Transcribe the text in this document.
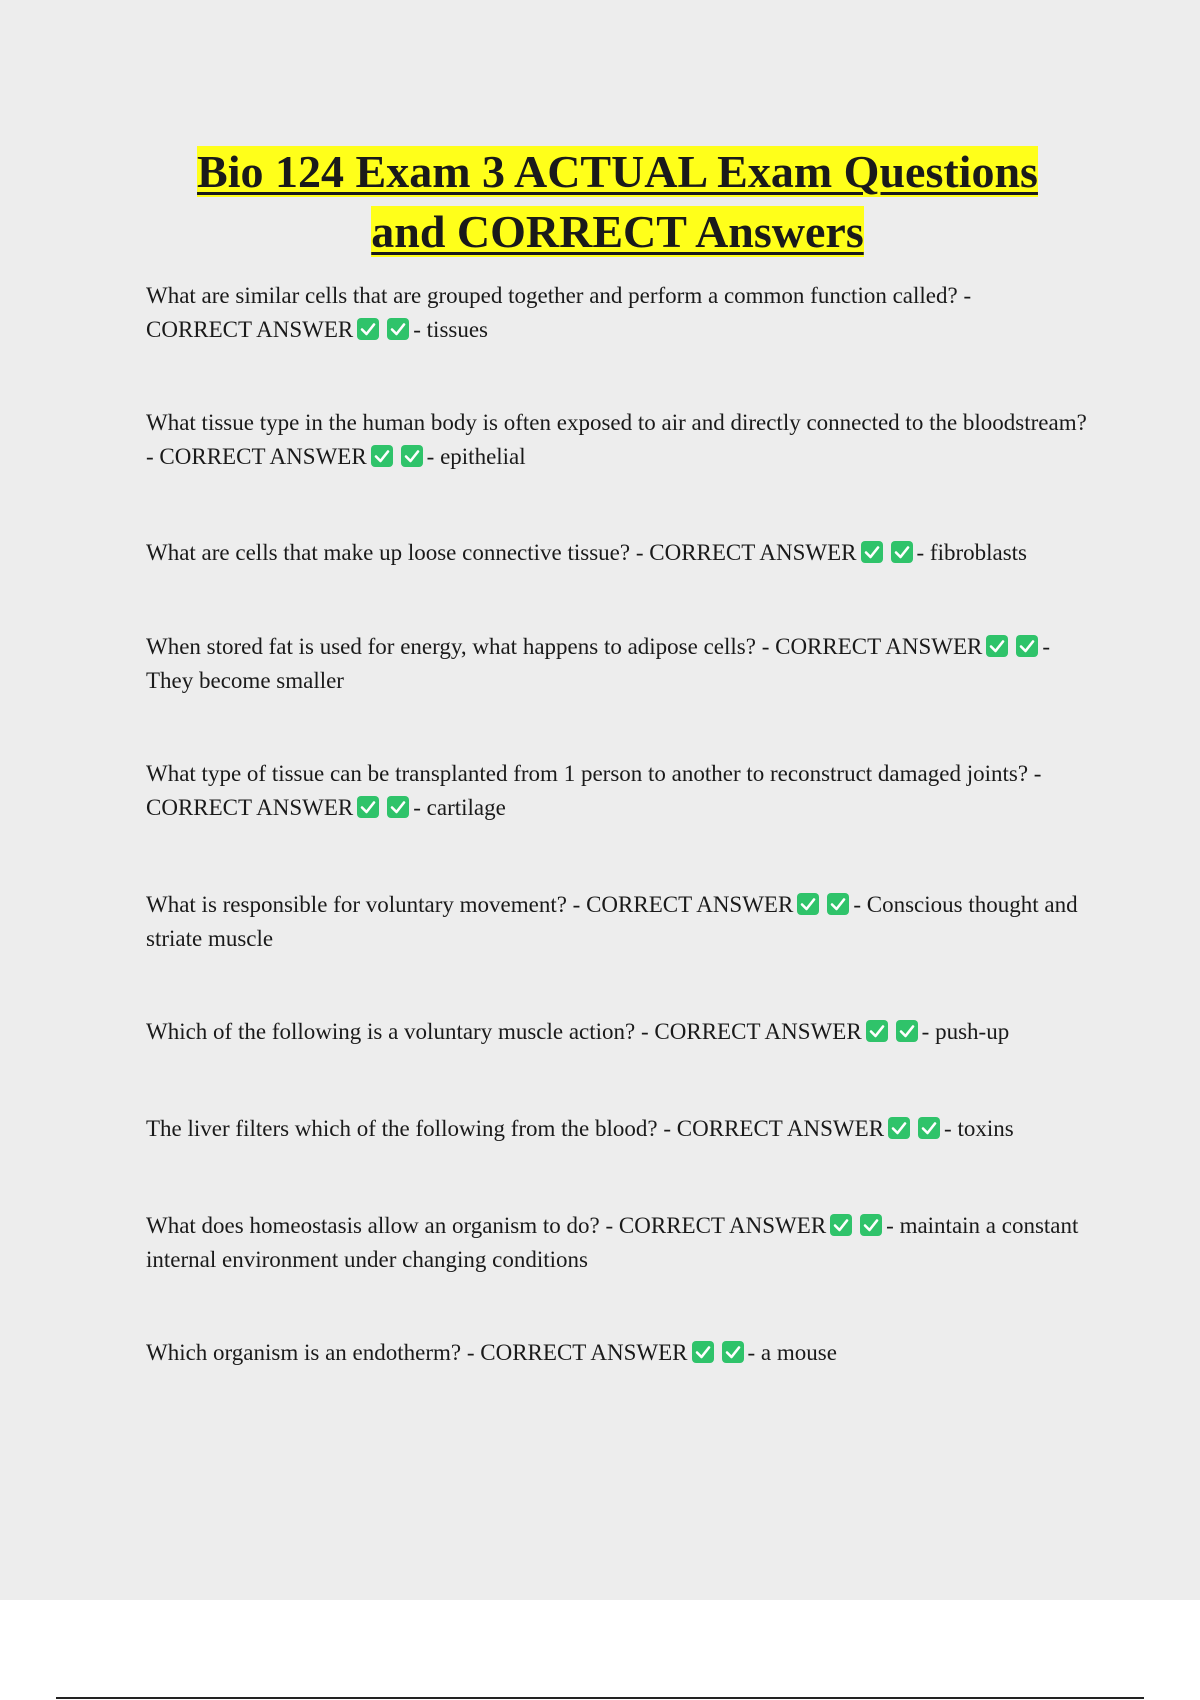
Bio 124 Exam 3 ACTUAL Exam Questions
and CORRECT Answers

What are similar cells that are grouped together and perform a common function called? -
CORRECT ANSWER	- tissues

What tissue type in the human body is often exposed to air and directly connected to the bloodstream? - CORRECT ANSWER	- epithelial

What are cells that make up loose connective tissue? - CORRECT ANSWER	- fibroblasts

When stored fat is used for energy, what happens to adipose cells? - CORRECT ANSWER	- They become smaller

What type of tissue can be transplanted from 1 person to another to reconstruct damaged joints? -
CORRECT ANSWER	- cartilage

What is responsible for voluntary movement? - CORRECT ANSWER	- Conscious thought and striate muscle

Which of the following is a voluntary muscle action? - CORRECT ANSWER	- push-up

The liver filters which of the following from the blood? - CORRECT ANSWER	- toxins

What does homeostasis allow an organism to do? - CORRECT ANSWER	- maintain a constant internal environment under changing conditions

Which organism is an endotherm? - CORRECT ANSWER	- a mouse
